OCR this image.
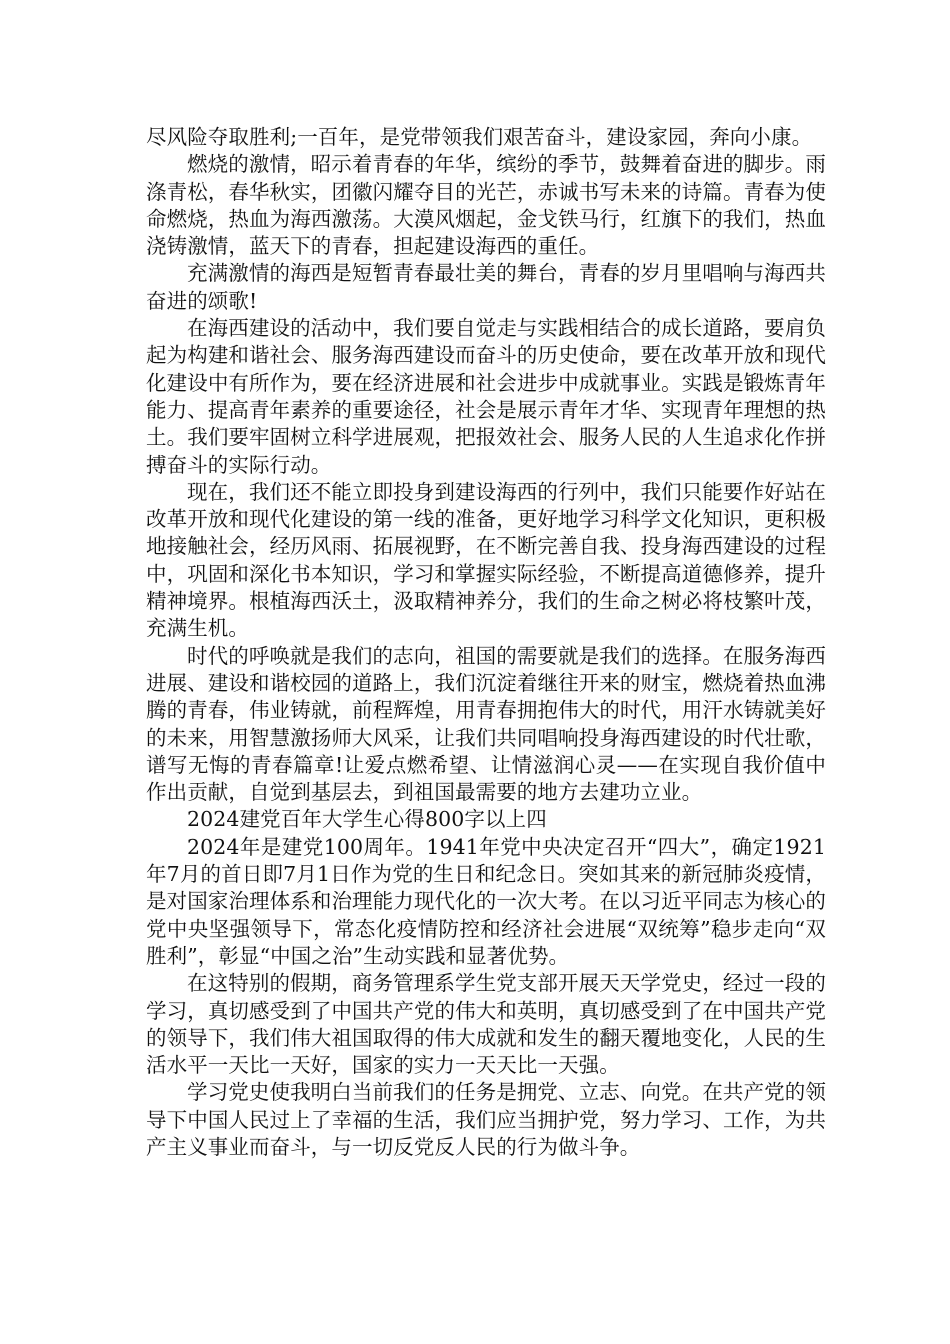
尽风险夺取胜利;一百年，是党带领我们艰苦奋斗，建设家园，奔向小康。

燃烧的激情，昭示着青春的年华，缤纷的季节，鼓舞着奋进的脚步。雨涤青松，春华秋实，团徽闪耀夺目的光芒，赤诚书写未来的诗篇。青春为使命燃烧，热血为海西激荡。大漠风烟起，金戈铁马行，红旗下的我们，热血浇铸激情，蓝天下的青春，担起建设海西的重任。

充满激情的海西是短暂青春最壮美的舞台，青春的岁月里唱响与海西共奋进的颂歌!

在海西建设的活动中，我们要自觉走与实践相结合的成长道路，要肩负起为构建和谐社会、服务海西建设而奋斗的历史使命，要在改革开放和现代化建设中有所作为，要在经济进展和社会进步中成就事业。实践是锻炼青年能力、提高青年素养的重要途径，社会是展示青年才华、实现青年理想的热土。我们要牢固树立科学进展观，把报效社会、服务人民的人生追求化作拼搏奋斗的实际行动。

现在，我们还不能立即投身到建设海西的行列中，我们只能要作好站在改革开放和现代化建设的第一线的准备，更好地学习科学文化知识，更积极地接触社会，经历风雨、拓展视野，在不断完善自我、投身海西建设的过程中，巩固和深化书本知识，学习和掌握实际经验，不断提高道德修养，提升精神境界。根植海西沃土，汲取精神养分，我们的生命之树必将枝繁叶茂，充满生机。

时代的呼唤就是我们的志向，祖国的需要就是我们的选择。在服务海西进展、建设和谐校园的道路上，我们沉淀着继往开来的财宝，燃烧着热血沸腾的青春，伟业铸就，前程辉煌，用青春拥抱伟大的时代，用汗水铸就美好的未来，用智慧激扬师大风采，让我们共同唱响投身海西建设的时代壮歌，谱写无悔的青春篇章!让爱点燃希望、让情滋润心灵——在实现自我价值中作出贡献，自觉到基层去，到祖国最需要的地方去建功立业。

2024建党百年大学生心得800字以上四

2024年是建党100周年。1941年党中央决定召开“四大”，确定1921年7月的首日即7月1日作为党的生日和纪念日。突如其来的新冠肺炎疫情，是对国家治理体系和治理能力现代化的一次大考。在以习近平同志为核心的党中央坚强领导下，常态化疫情防控和经济社会进展“双统筹”稳步走向“双胜利”，彰显“中国之治”生动实践和显著优势。

在这特别的假期，商务管理系学生党支部开展天天学党史，经过一段的学习，真切感受到了中国共产党的伟大和英明，真切感受到了在中国共产党的领导下，我们伟大祖国取得的伟大成就和发生的翻天覆地变化，人民的生活水平一天比一天好，国家的实力一天天比一天强。

学习党史使我明白当前我们的任务是拥党、立志、向党。在共产党的领导下中国人民过上了幸福的生活，我们应当拥护党，努力学习、工作，为共产主义事业而奋斗，与一切反党反人民的行为做斗争。
